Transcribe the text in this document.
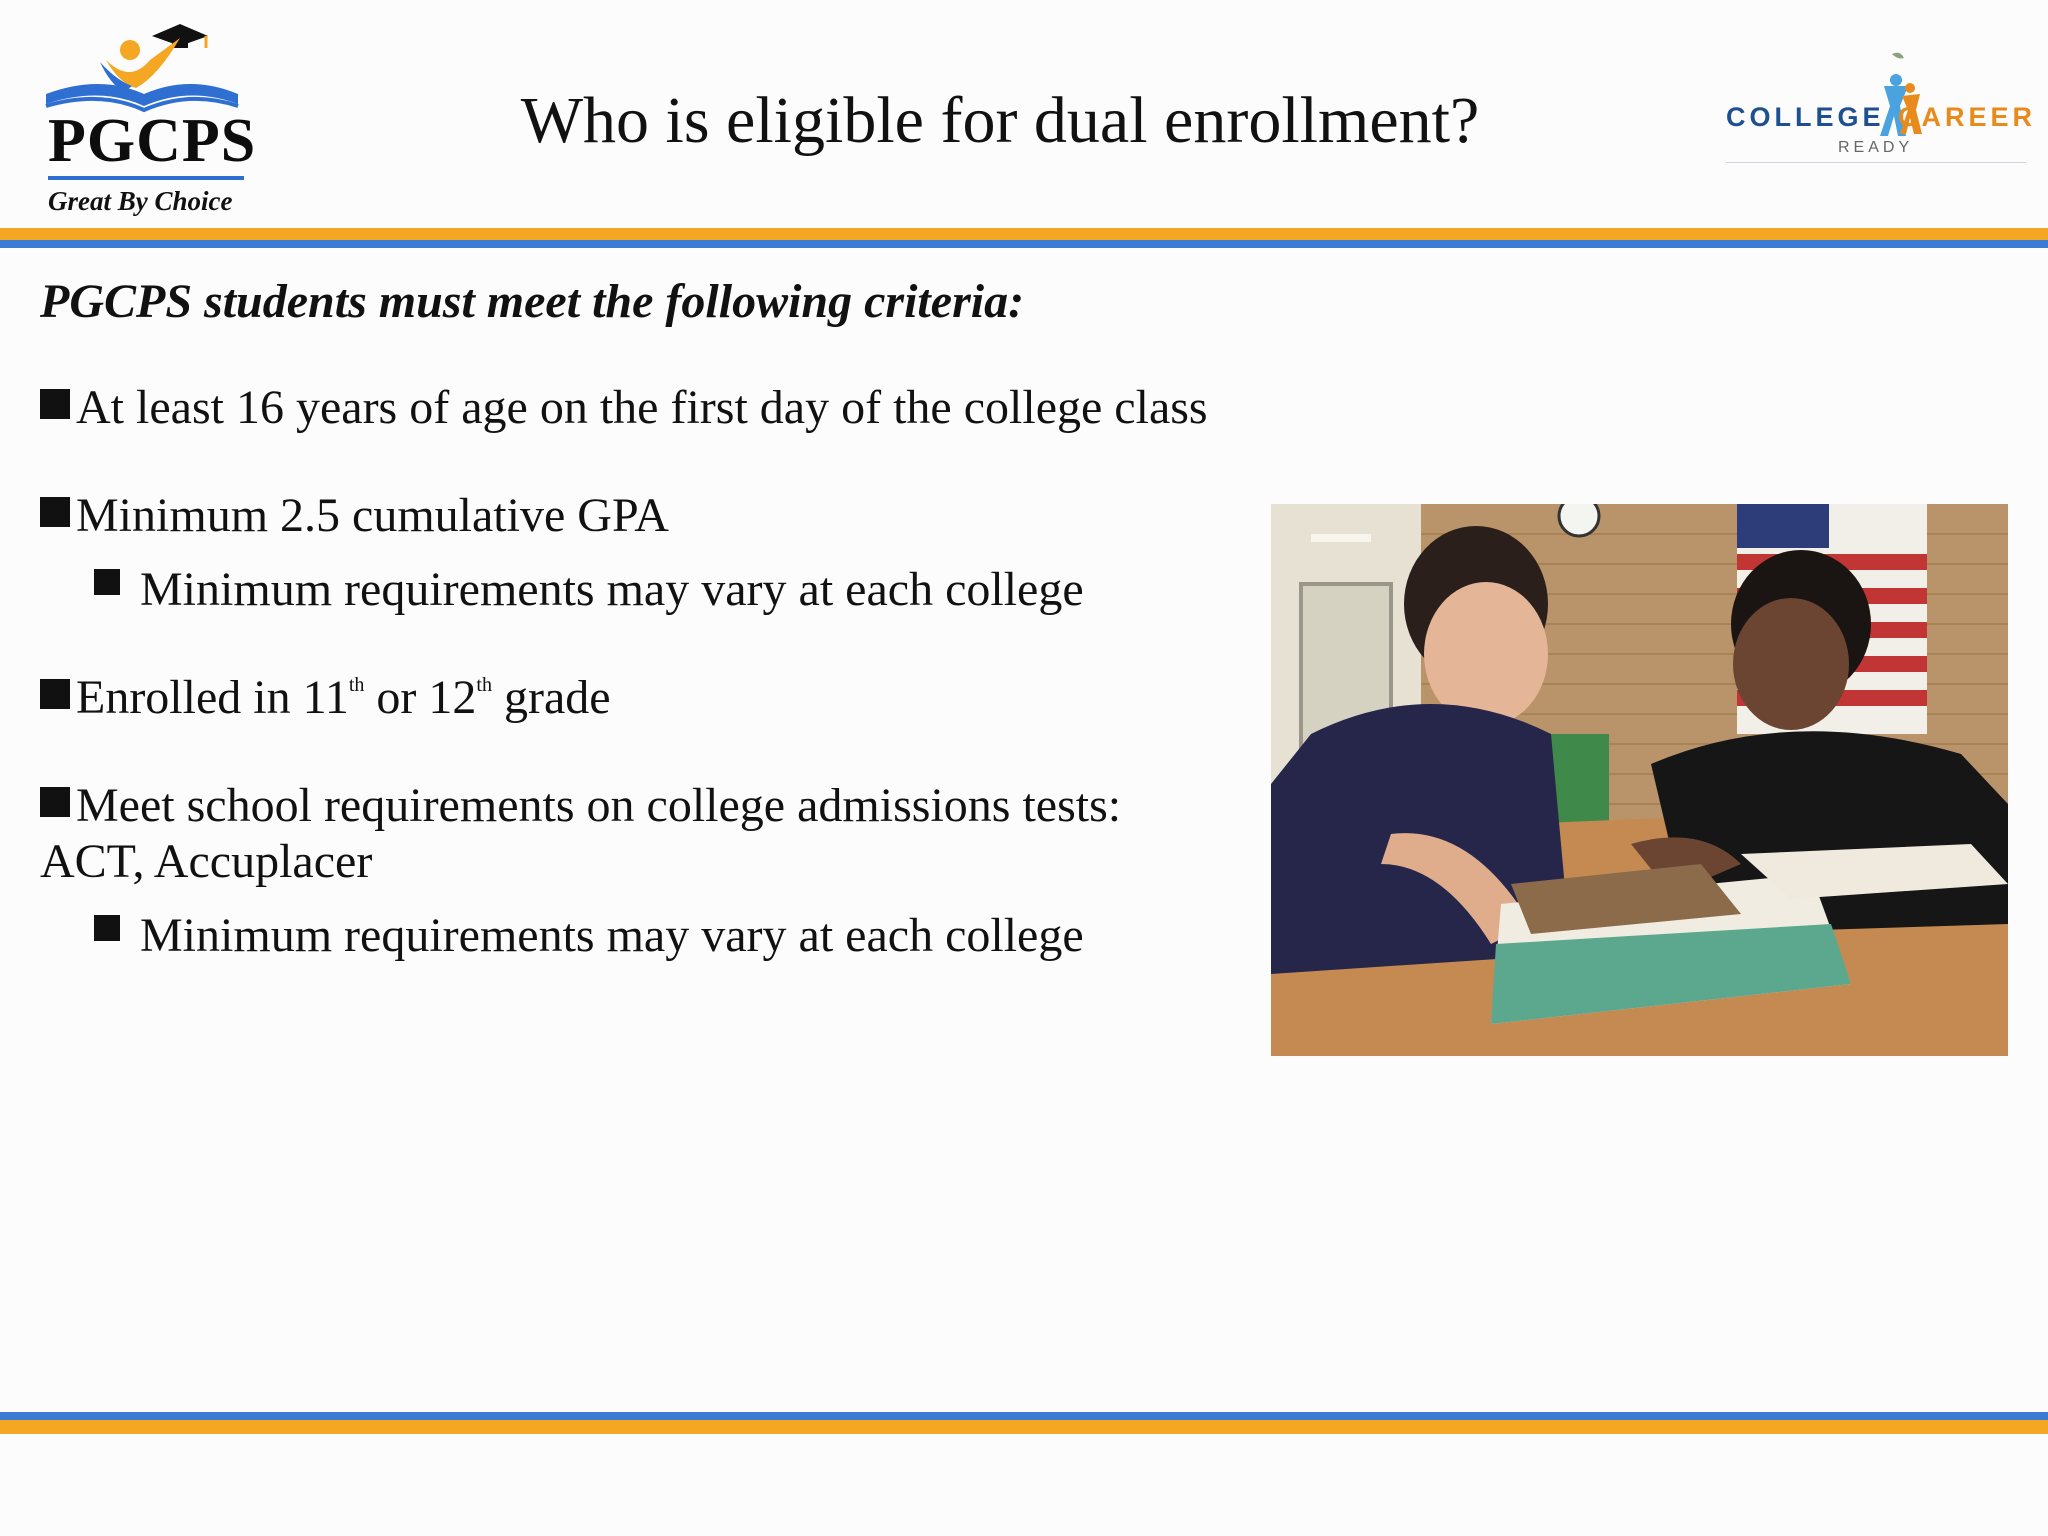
PGCPS
Great By Choice
Who is eligible for dual enrollment?	COLLEGE CAREER
READY
PGCPS students must meet the following criteria:
At least 16 years of age on the first day of the college class
Minimum 2.5 cumulative GPA
Minimum requirements may vary at each college
Enrolled in 11th or 12th grade
Meet school requirements on college admissions tests:
ACT, Accuplacer
Minimum requirements may vary at each college
